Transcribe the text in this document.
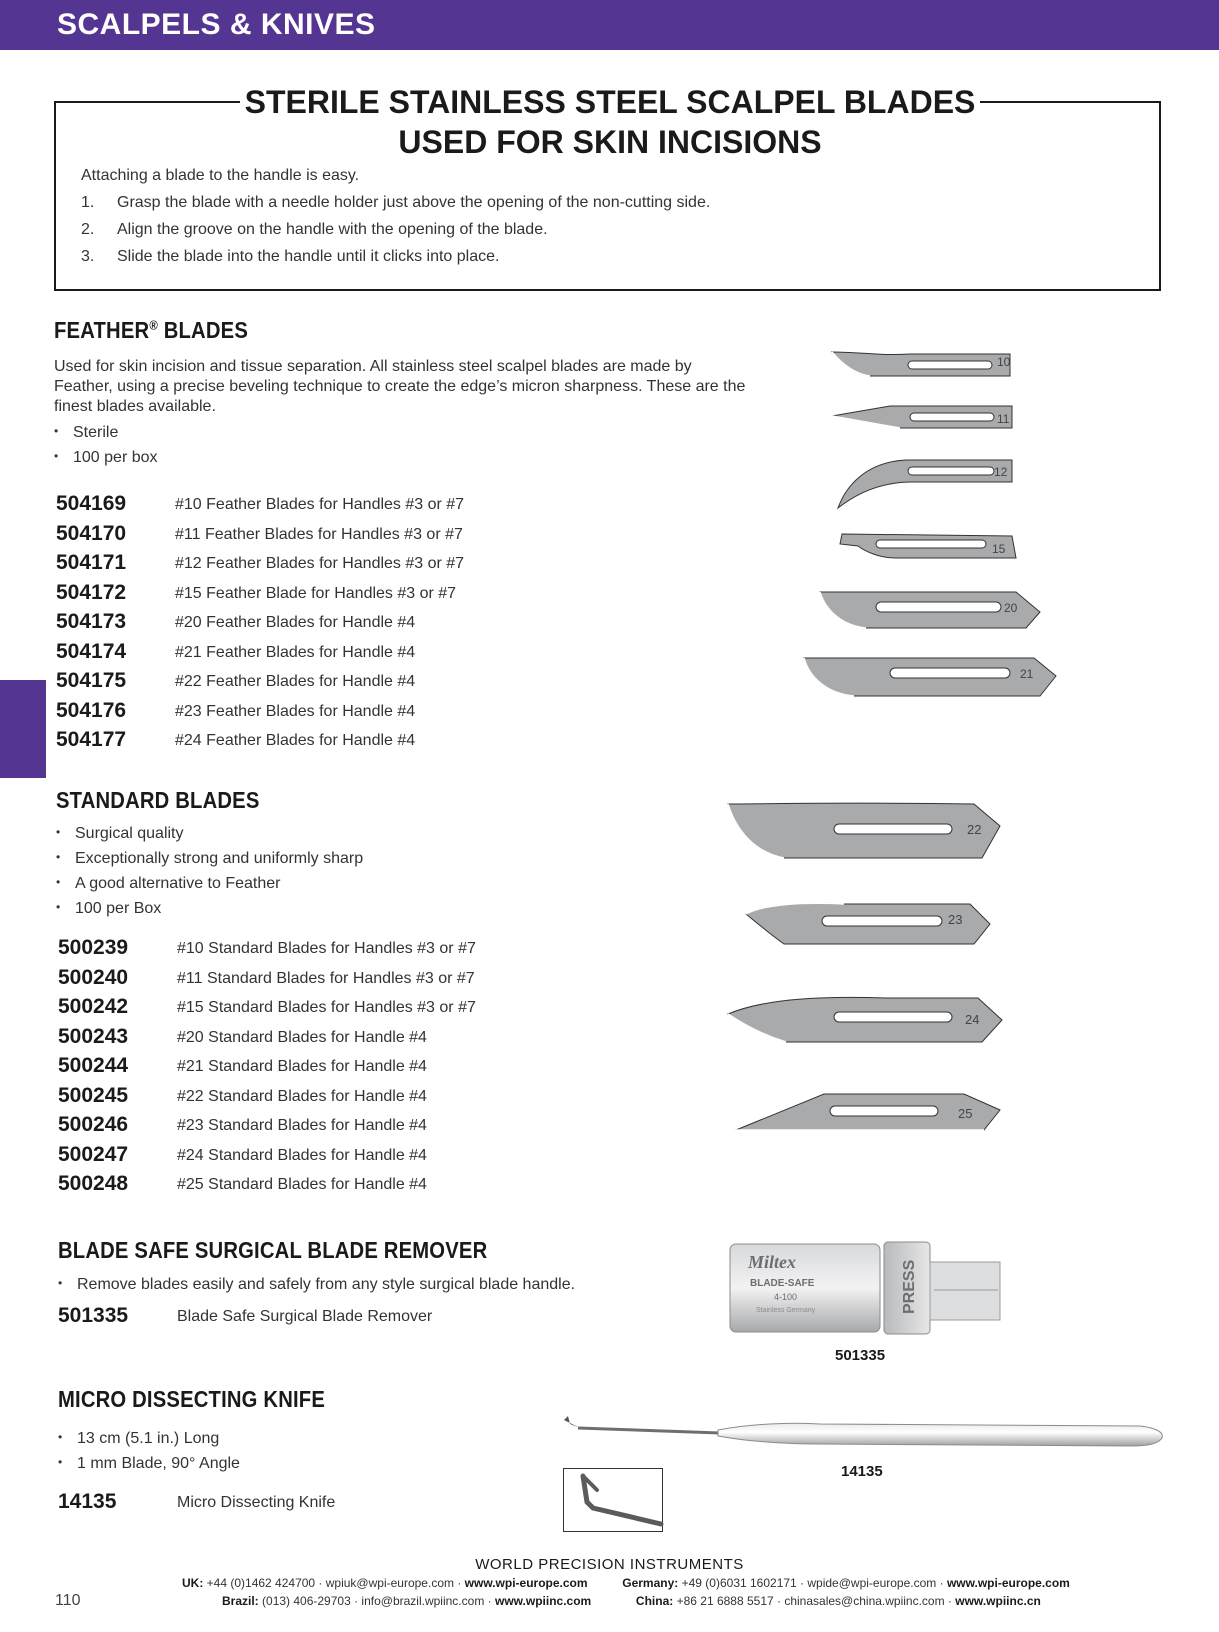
SCALPELS & KNIVES
STERILE STAINLESS STEEL SCALPEL BLADES
USED FOR SKIN INCISIONS
Attaching a blade to the handle is easy.
1. Grasp the blade with a needle holder just above the opening of the non-cutting side.
2. Align the groove on the handle with the opening of the blade.
3. Slide the blade into the handle until it clicks into place.
FEATHER® BLADES
Used for skin incision and tissue separation. All stainless steel scalpel blades are made by Feather, using a precise beveling technique to create the edge’s micron sharpness. These are the finest blades available.
• Sterile
• 100 per box
504169	#10 Feather Blades for Handles #3 or #7
504170	#11 Feather Blades for Handles #3 or #7
504171	#12 Feather Blades for Handles #3 or #7
504172	#15 Feather Blade for Handles #3 or #7
504173	#20 Feather Blades for Handle #4
504174	#21 Feather Blades for Handle #4
504175	#22 Feather Blades for Handle #4
504176	#23 Feather Blades for Handle #4
504177	#24 Feather Blades for Handle #4
10
11
12
15
20
21
STANDARD BLADES
• Surgical quality
• Exceptionally strong and uniformly sharp
• A good alternative to Feather
• 100 per Box
500239	#10 Standard Blades for Handles #3 or #7
500240	#11 Standard Blades for Handles #3 or #7
500242	#15 Standard Blades for Handles #3 or #7
500243	#20 Standard Blades for Handle #4
500244	#21 Standard Blades for Handle #4
500245	#22 Standard Blades for Handle #4
500246	#23 Standard Blades for Handle #4
500247	#24 Standard Blades for Handle #4
500248	#25 Standard Blades for Handle #4
22
23
24
25
BLADE SAFE SURGICAL BLADE REMOVER
• Remove blades easily and safely from any style surgical blade handle.
501335	Blade Safe Surgical Blade Remover
Miltex
BLADE-SAFE
4-100
Stainless Germany	PRESS
501335
MICRO DISSECTING KNIFE
• 13 cm (5.1 in.) Long
• 1 mm Blade, 90° Angle
14135	Micro Dissecting Knife
14135
WORLD PRECISION INSTRUMENTS
UK: +44 (0)1462 424700 · wpiuk@wpi-europe.com · www.wpi-europe.com	Germany: +49 (0)6031 1602171 · wpide@wpi-europe.com · www.wpi-europe.com
Brazil: (013) 406-29703 · info@brazil.wpiinc.com · www.wpiinc.com	China: +86 21 6888 5517 · chinasales@china.wpiinc.com · www.wpiinc.cn
110
